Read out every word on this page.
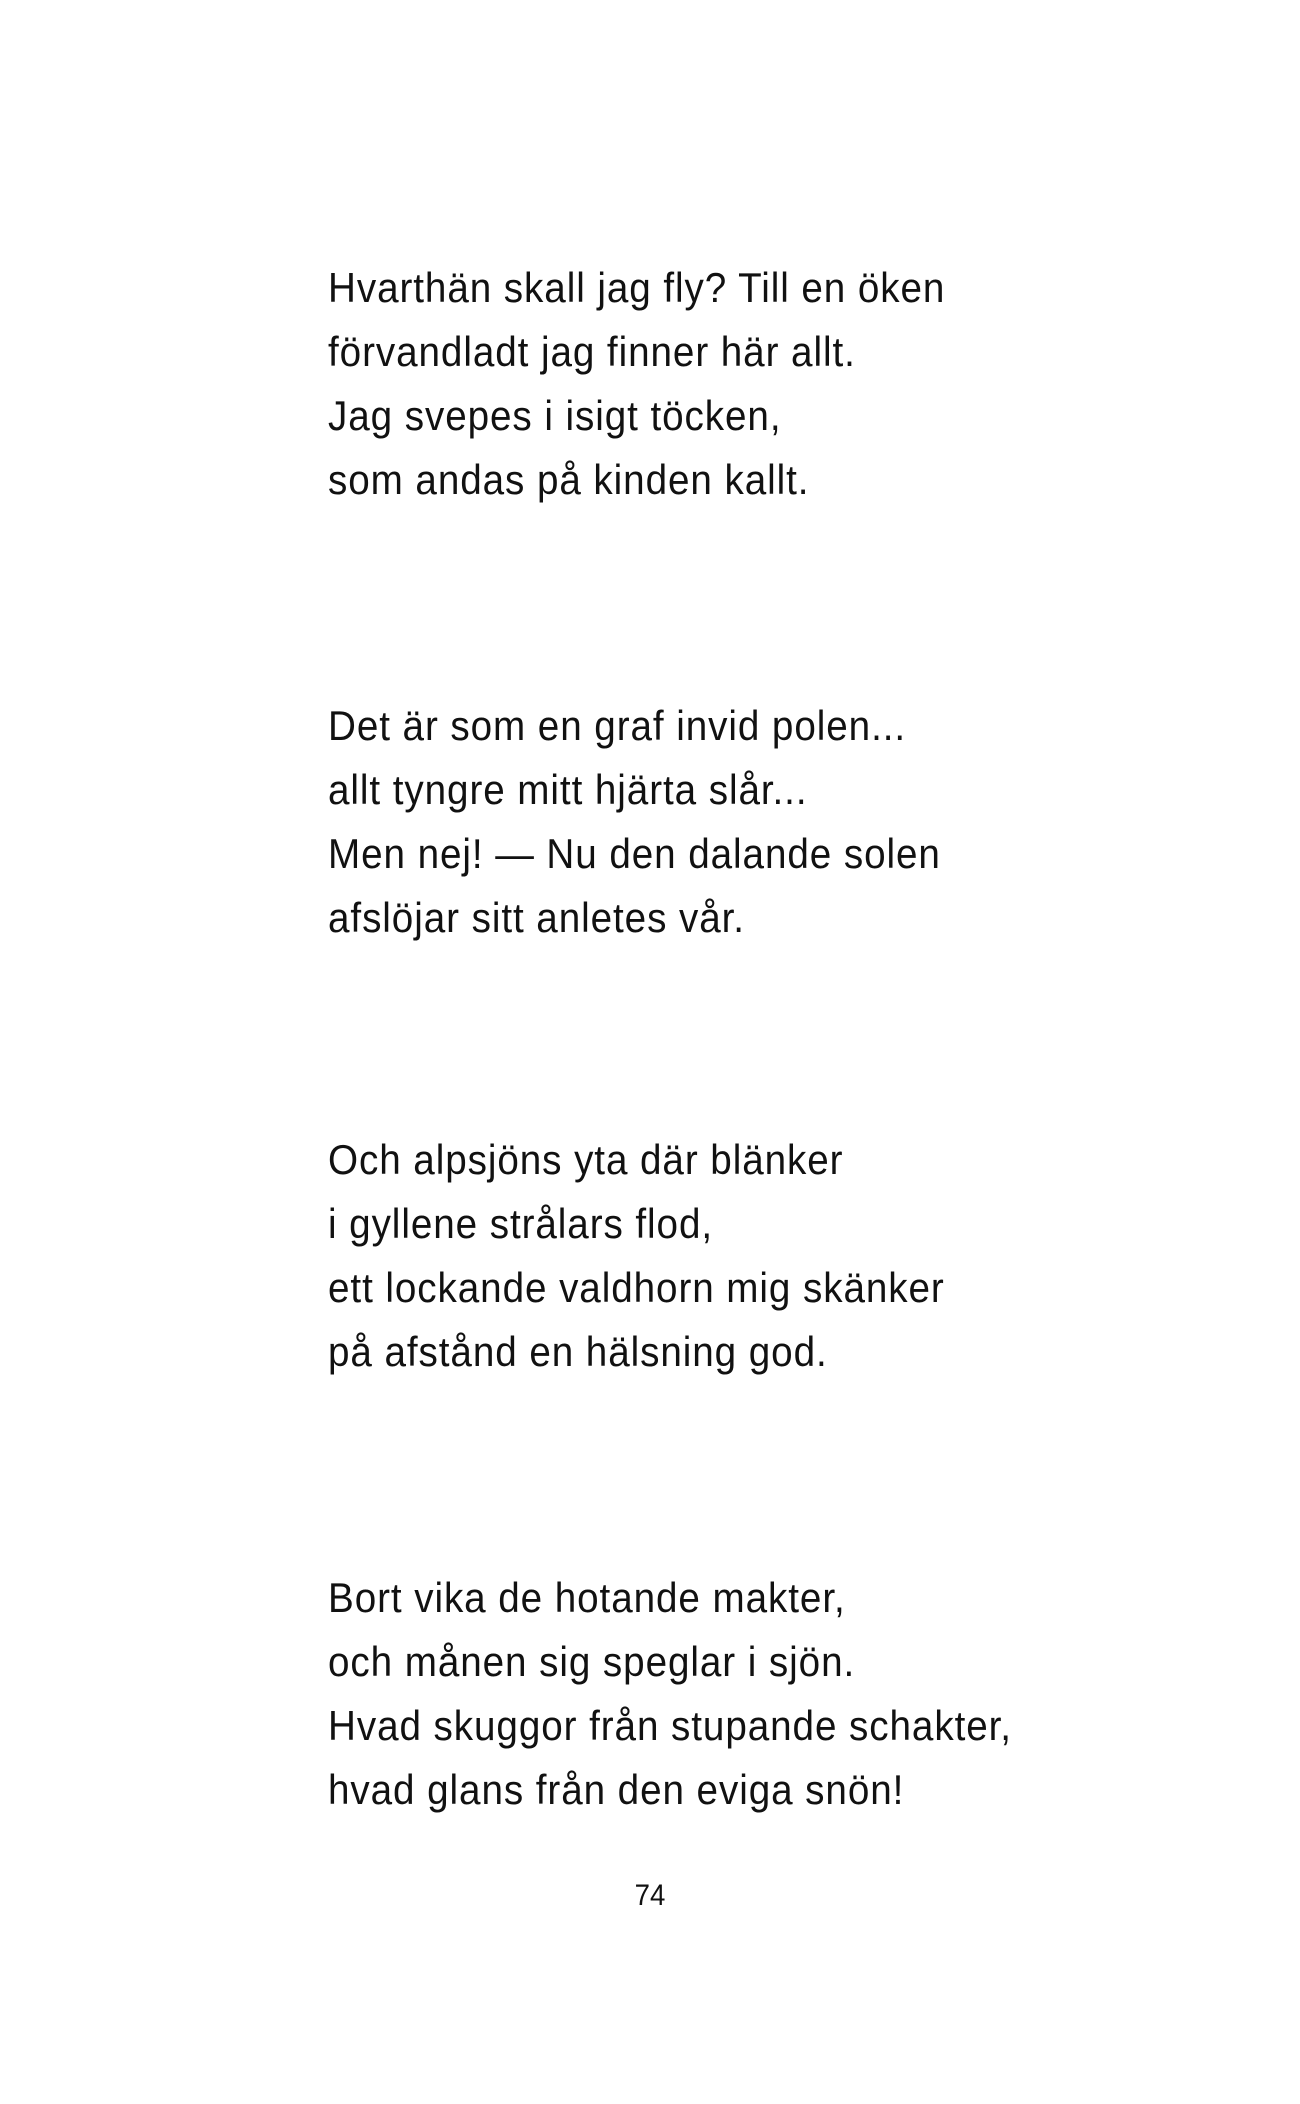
Hvarthän skall jag fly? Till en öken
förvandladt jag finner här allt.
Jag svepes i isigt töcken,
som andas på kinden kallt.
Det är som en graf invid polen...
allt tyngre mitt hjärta slår...
Men nej! — Nu den dalande solen
afslöjar sitt anletes vår.
Och alpsjöns yta där blänker
i gyllene strålars flod,
ett lockande valdhorn mig skänker
på afstånd en hälsning god.
Bort vika de hotande makter,
och månen sig speglar i sjön.
Hvad skuggor från stupande schakter,
hvad glans från den eviga snön!
74
